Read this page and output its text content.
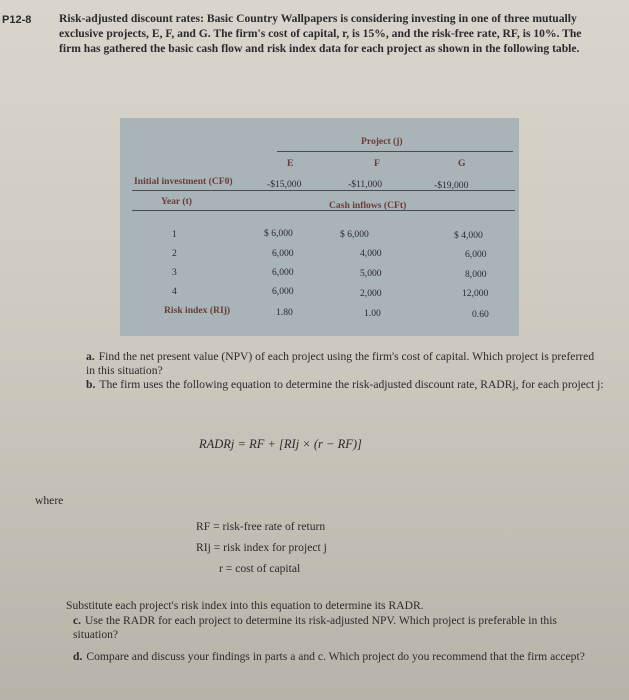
P12-8 Risk-adjusted discount rates: Basic Country Wallpapers is considering investing in one of three mutually exclusive projects, E, F, and G. The firm's cost of capital, r, is 15%, and the risk-free rate, RF, is 10%. The firm has gathered the basic cash flow and risk index data for each project as shown in the following table.

Project (j)
E	F	G
Initial investment (CF0)	-$15,000	-$11,000	-$19,000
Year (t)	Cash inflows (CFt)
1	$ 6,000	$ 6,000	$ 4,000
2	6,000	4,000	6,000
3	6,000	5,000	8,000
4	6,000	2,000	12,000
Risk index (RIj)	1.80	1.00	0.60

a. Find the net present value (NPV) of each project using the firm's cost of capital. Which project is preferred in this situation?

b. The firm uses the following equation to determine the risk-adjusted discount rate, RADRj, for each project j:

RADRj = RF + [RIj × (r − RF)]
where
RF = risk-free rate of return
RIj = risk index for project j
r = cost of capital
Substitute each project's risk index into this equation to determine its RADR.

c. Use the RADR for each project to determine its risk-adjusted NPV. Which project is preferable in this situation?

d. Compare and discuss your findings in parts a and c. Which project do you recommend that the firm accept?
